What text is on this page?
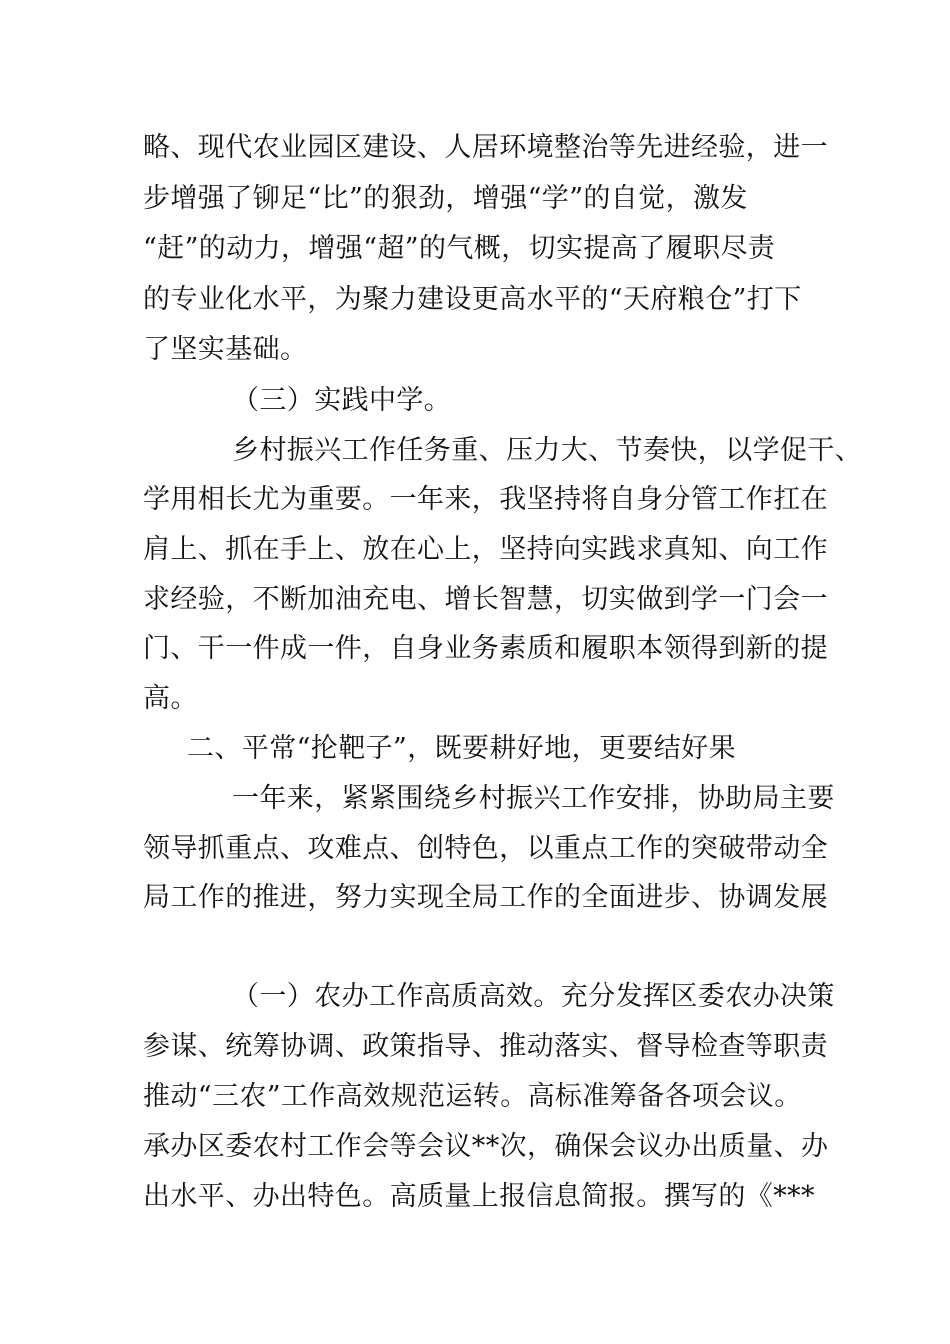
略、现代农业园区建设、人居环境整治等先进经验，进一
步增强了铆足“比”的狠劲，增强“学”的自觉，激发
“赶”的动力，增强“超”的气概，切实提高了履职尽责
的专业化水平，为聚力建设更高水平的“天府粮仓”打下
了坚实基础。
（三）实践中学。
乡村振兴工作任务重、压力大、节奏快，以学促干、
学用相长尤为重要。一年来，我坚持将自身分管工作扛在
肩上、抓在手上、放在心上，坚持向实践求真知、向工作
求经验，不断加油充电、增长智慧，切实做到学一门会一
门、干一件成一件，自身业务素质和履职本领得到新的提
高。
二、平常“抡靶子”，既要耕好地，更要结好果
一年来，紧紧围绕乡村振兴工作安排，协助局主要
领导抓重点、攻难点、创特色，以重点工作的突破带动全
局工作的推进，努力实现全局工作的全面进步、协调发展
（一）农办工作高质高效。充分发挥区委农办决策
参谋、统筹协调、政策指导、推动落实、督导检查等职责
推动“三农”工作高效规范运转。高标准筹备各项会议。
承办区委农村工作会等会议**次，确保会议办出质量、办
出水平、办出特色。高质量上报信息简报。撰写的《***
